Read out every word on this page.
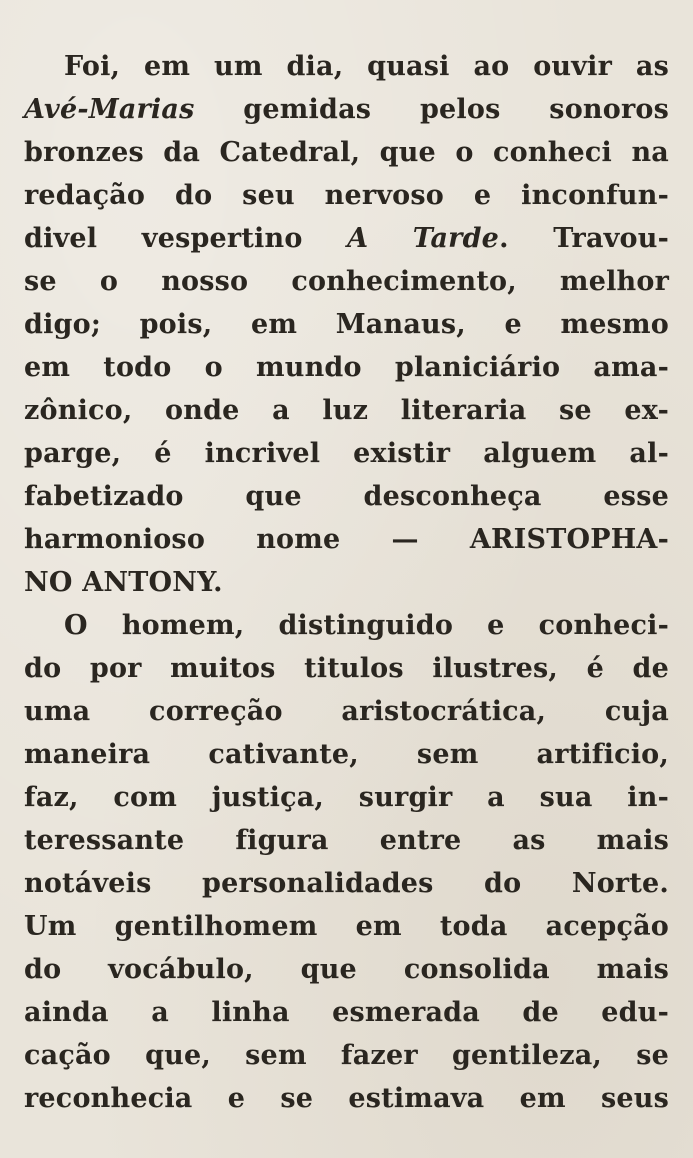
Foi, em um dia, quasi ao ouvir as
Avé-Marias gemidas pelos sonoros
bronzes da Catedral, que o conheci na
redação do seu nervoso e inconfun-
divel vespertino A Tarde. Travou-
se o nosso conhecimento, melhor
digo; pois, em Manaus, e mesmo
em todo o mundo planiciário ama-
zônico, onde a luz literaria se ex-
parge, é incrivel existir alguem al-
fabetizado que desconheça esse
harmonioso nome — ARISTOPHA-
NO ANTONY.
O homem, distinguido e conheci-
do por muitos titulos ilustres, é de
uma correção aristocrática, cuja
maneira cativante, sem artificio,
faz, com justiça, surgir a sua in-
teressante figura entre as mais
notáveis personalidades do Norte.
Um gentilhomem em toda acepção
do vocábulo, que consolida mais
ainda a linha esmerada de edu-
cação que, sem fazer gentileza, se
reconhecia e se estimava em seus
